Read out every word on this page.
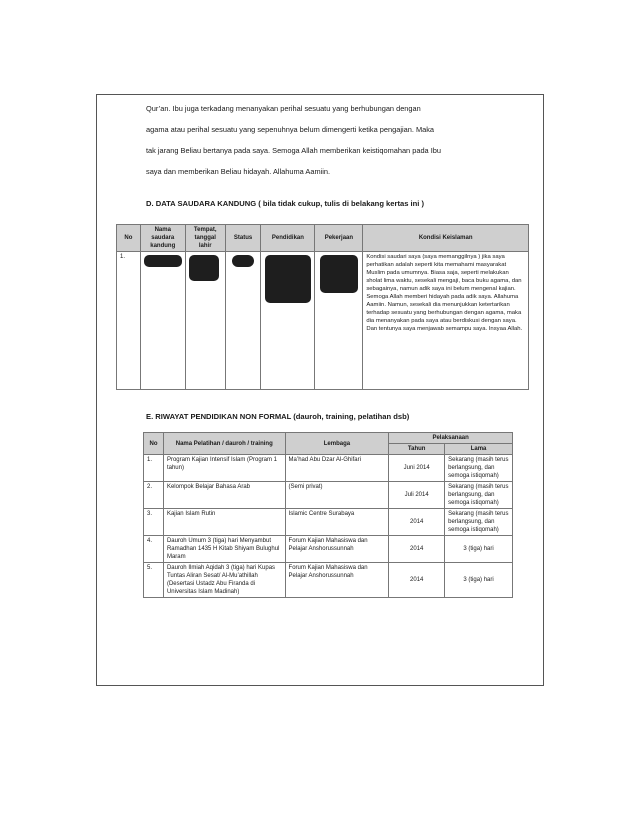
Qur’an. Ibu juga terkadang menanyakan perihal sesuatu yang berhubungan dengan
agama atau perihal sesuatu yang sepenuhnya belum dimengerti ketika pengajian. Maka
tak jarang Beliau bertanya pada saya. Semoga Allah memberikan keistiqomahan pada Ibu
saya dan memberikan Beliau hidayah. Allahuma Aamiin.
D. DATA SAUDARA KANDUNG ( bila tidak cukup, tulis di belakang kertas ini )
No	Nama saudara kandung	Tempat, tanggal lahir	Status	Pendidikan	Pekerjaan	Kondisi Keislaman
1.						Kondisi saudari saya (saya memanggilnya ) jika saya perhatikan adalah seperti kita memahami masyarakat Muslim pada umumnya. Biasa saja, seperti melakukan sholat lima waktu, sesekali mengaji, baca buku agama, dan sebagainya, namun adik saya ini belum mengenal kajian. Semoga Allah memberi hidayah pada adik saya. Allahuma Aamiin. Namun, sesekali dia menunjukkan ketertarikan terhadap sesuatu yang berhubungan dengan agama, maka dia menanyakan pada saya atau berdiskusi dengan saya. Dan tentunya saya menjawab semampu saya. Insyaa Allah.
E. RIWAYAT PENDIDIKAN NON FORMAL (dauroh, training, pelatihan dsb)
No	Nama Pelatihan / dauroh / training	Lembaga	Pelaksanaan	
			Tahun	Lama
1.	Program Kajian Intensif Islam (Program 1 tahun)	Ma’had Abu Dzar Al-Ghifari	Juni 2014	Sekarang (masih terus berlangsung, dan semoga istiqomah)
2.	Kelompok Belajar Bahasa Arab	(Semi privat)	Juli 2014	Sekarang (masih terus berlangsung, dan semoga istiqomah)
3.	Kajian Islam Rutin	Islamic Centre Surabaya	2014	Sekarang (masih terus berlangsung, dan semoga istiqomah)
4.	Dauroh Umum 3 (tiga) hari Menyambut Ramadhan 1435 H Kitab Shiyam Bulughul Maram	Forum Kajian Mahasiswa dan Pelajar Anshorussunnah	2014	3 (tiga) hari
5.	Dauroh Ilmiah Aqidah 3 (tiga) hari Kupas Tuntas Aliran Sesat/ Al-Mu’athillah (Desertasi Ustadz Abu Firanda di Universitas Islam Madinah)	Forum Kajian Mahasiswa dan Pelajar Anshorussunnah	2014	3 (tiga) hari
